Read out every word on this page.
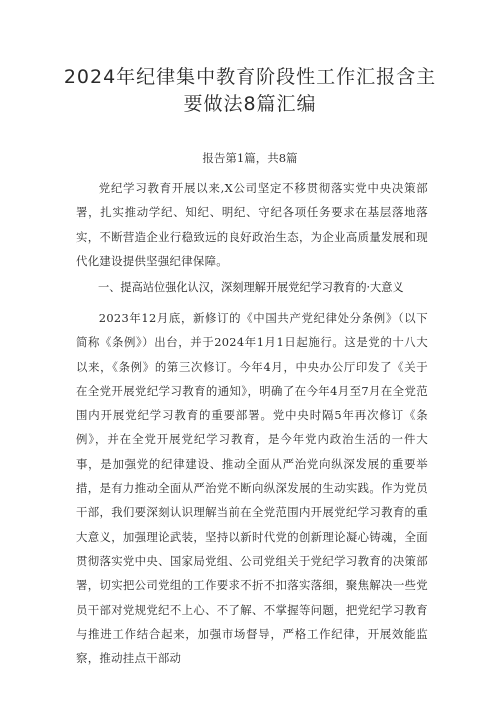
2024年纪律集中教育阶段性工作汇报含主要做法8篇汇编
报告第1篇，共8篇

党纪学习教育开展以来,X公司坚定不移贯彻落实党中央决策部署，扎实推动学纪、知纪、明纪、守纪各项任务要求在基层落地落实，不断营造企业行稳致远的良好政治生态，为企业高质量发展和现代化建设提供坚强纪律保障。

一、提高站位强化认汉，深刻理解开展党纪学习教育的·大意义

2023年12月底，新修订的《中国共产党纪律处分条例》（以下简称《条例》）出台，并于2024年1月1日起施行。这是党的十八大以来，《条例》的第三次修订。今年4月，中央办公厅印发了《关于在全党开展党纪学习教育的通知》，明确了在今年4月至7月在全党范围内开展党纪学习教育的重要部署。党中央时隔5年再次修订《条例》，并在全党开展党纪学习教育，是今年党内政治生活的一件大事，是加强党的纪律建设、推动全面从严治党向纵深发展的重要举措，是有力推动全面从严治党不断向纵深发展的生动实践。作为党员干部，我们要深刻认识理解当前在全党范围内开展党纪学习教育的重大意义，加强理论武装，坚持以新时代党的创新理论凝心铸魂，全面贯彻落实党中央、国家局党组、公司党组关于党纪学习教育的决策部署，切实把公司党组的工作要求不折不扣落实落细，聚焦解决一些党员干部对党规党纪不上心、不了解、不掌握等问题，把党纪学习教育与推进工作结合起来，加强市场督导，严格工作纪律，开展效能监察，推动挂点干部动
